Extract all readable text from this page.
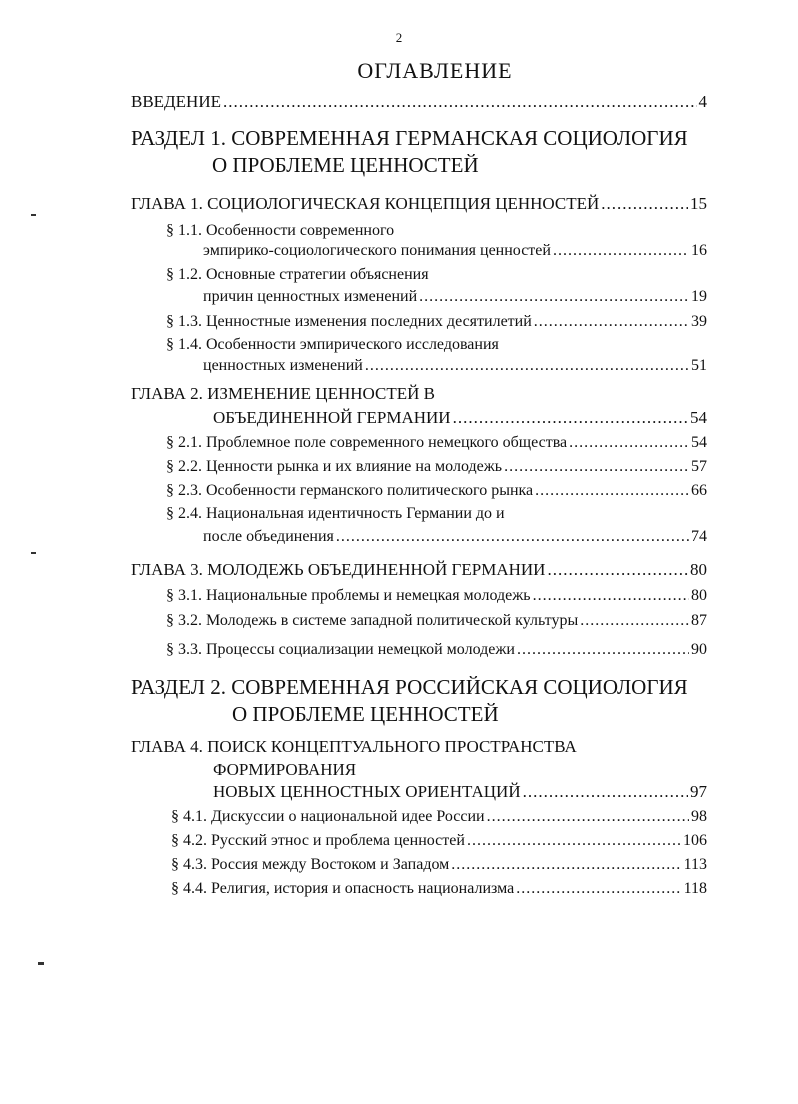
2
ОГЛАВЛЕНИЕ
ВВЕДЕНИЕ .....	4
РАЗДЕЛ 1. СОВРЕМЕННАЯ ГЕРМАНСКАЯ СОЦИОЛОГИЯ
О ПРОБЛЕМЕ ЦЕННОСТЕЙ
ГЛАВА 1. СОЦИОЛОГИЧЕСКАЯ КОНЦЕПЦИЯ ЦЕННОСТЕЙ .....	15
§ 1.1. Особенности современного
эмпирико-социологического понимания ценностей .....	16
§ 1.2. Основные стратегии объяснения
причин ценностных изменений .....	19
§ 1.3. Ценностные изменения последних десятилетий .....	39
§ 1.4. Особенности эмпирического исследования
ценностных изменений .....	51
ГЛАВА 2. ИЗМЕНЕНИЕ ЦЕННОСТЕЙ В
ОБЪЕДИНЕННОЙ ГЕРМАНИИ .....	54
§ 2.1. Проблемное поле современного немецкого общества .....	54
§ 2.2. Ценности рынка и их влияние на молодежь .....	57
§ 2.3. Особенности германского политического рынка .....	66
§ 2.4. Национальная идентичность Германии до и
после объединения .....	74
ГЛАВА 3. МОЛОДЕЖЬ ОБЪЕДИНЕННОЙ ГЕРМАНИИ .....	80
§ 3.1. Национальные проблемы и немецкая молодежь .....	80
§ 3.2. Молодежь в системе западной политической культуры .....	87
§ 3.3. Процессы социализации немецкой молодежи .....	90
РАЗДЕЛ 2. СОВРЕМЕННАЯ РОССИЙСКАЯ СОЦИОЛОГИЯ
О ПРОБЛЕМЕ ЦЕННОСТЕЙ
ГЛАВА 4. ПОИСК КОНЦЕПТУАЛЬНОГО ПРОСТРАНСТВА
ФОРМИРОВАНИЯ
НОВЫХ ЦЕННОСТНЫХ ОРИЕНТАЦИЙ .....	97
§ 4.1. Дискуссии о национальной идее России .....	98
§ 4.2. Русский этнос и проблема ценностей .....	106
§ 4.3. Россия между Востоком и Западом .....	113
§ 4.4. Религия, история и опасность национализма .....	118
